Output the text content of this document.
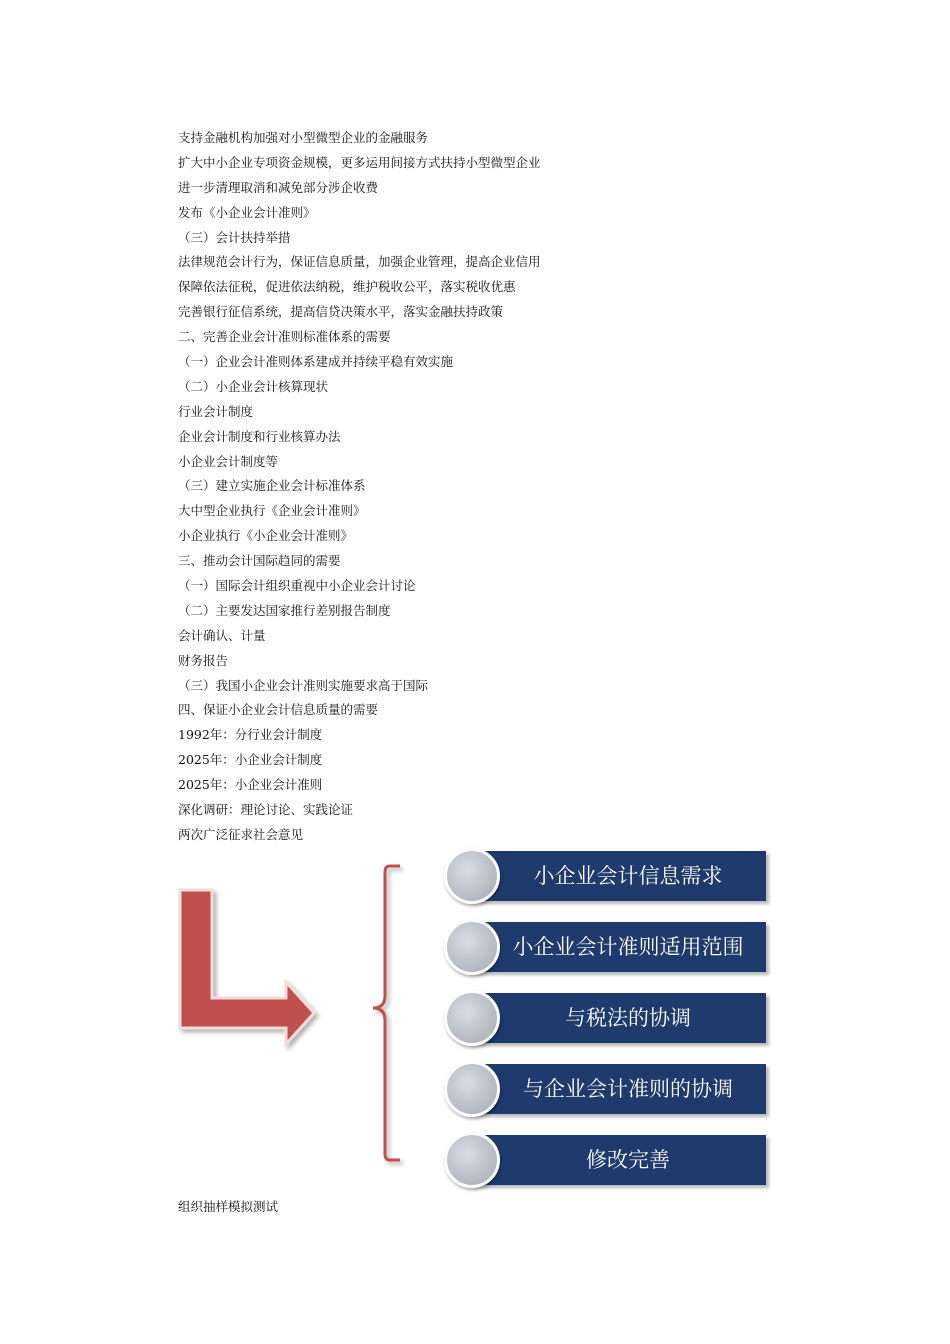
支持金融机构加强对小型微型企业的金融服务
扩大中小企业专项资金规模，更多运用间接方式扶持小型微型企业
进一步清理取消和减免部分涉企收费
发布《小企业会计准则》
（三）会计扶持举措
法律规范会计行为，保证信息质量，加强企业管理，提高企业信用
保障依法征税，促进依法纳税，维护税收公平，落实税收优惠
完善银行征信系统，提高信贷决策水平，落实金融扶持政策
二、完善企业会计准则标准体系的需要
（一）企业会计准则体系建成并持续平稳有效实施
（二）小企业会计核算现状
行业会计制度
企业会计制度和行业核算办法
小企业会计制度等
（三）建立实施企业会计标准体系
大中型企业执行《企业会计准则》
小企业执行《小企业会计准则》
三、推动会计国际趋同的需要
（一）国际会计组织重视中小企业会计讨论
（二）主要发达国家推行差别报告制度
会计确认、计量
财务报告
（三）我国小企业会计准则实施要求高于国际
四、保证小企业会计信息质量的需要
1992年：分行业会计制度
2025年：小企业会计制度
2025年：小企业会计准则
深化调研：理论讨论、实践论证
两次广泛征求社会意见
小企业会计信息需求
小企业会计准则适用范围
与税法的协调
与企业会计准则的协调
修改完善
组织抽样模拟测试
